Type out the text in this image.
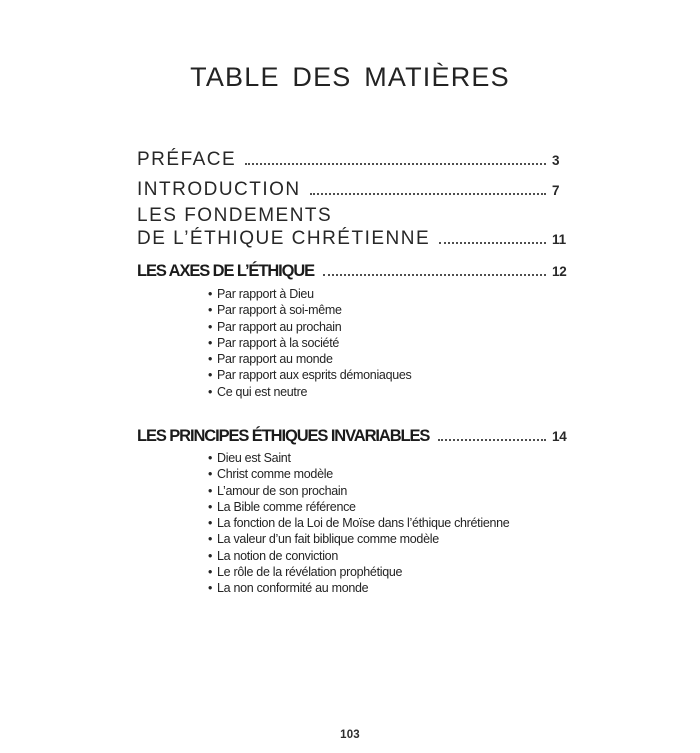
TABLE DES MATIÈRES
PRÉFACE	3
INTRODUCTION	7
LES FONDEMENTS
DE L’ÉTHIQUE CHRÉTIENNE	11
LES AXES DE L’ÉTHIQUE	12
• Par rapport à Dieu
• Par rapport à soi-même
• Par rapport au prochain
• Par rapport à la société
• Par rapport au monde
• Par rapport aux esprits démoniaques
• Ce qui est neutre
LES PRINCIPES ÉTHIQUES INVARIABLES	14
• Dieu est Saint
• Christ comme modèle
• L’amour de son prochain
• La Bible comme référence
• La fonction de la Loi de Moïse dans l’éthique chrétienne
• La valeur d’un fait biblique comme modèle
• La notion de conviction
• Le rôle de la révélation prophétique
• La non conformité au monde
103
